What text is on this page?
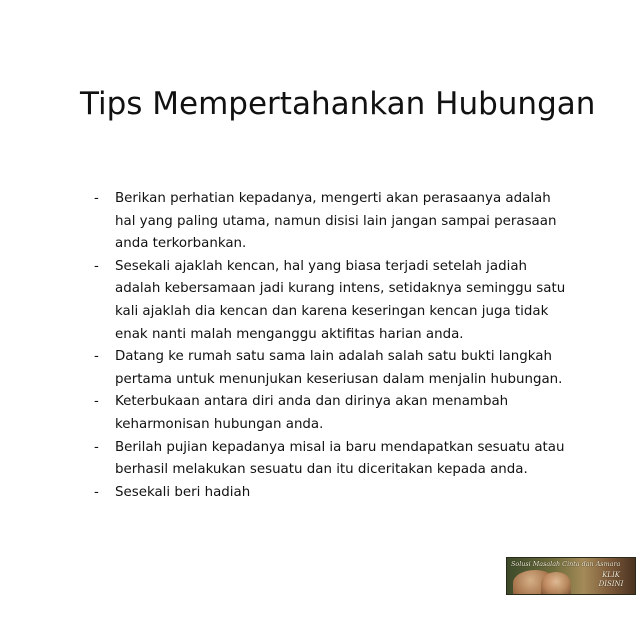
Tips Mempertahankan Hubungan
- Berikan perhatian kepadanya, mengerti akan perasaanya adalah hal yang paling utama, namun disisi lain jangan sampai perasaan anda terkorbankan.
- Sesekali ajaklah kencan, hal yang biasa terjadi setelah jadiah adalah kebersamaan jadi kurang intens, setidaknya seminggu satu kali ajaklah dia kencan dan karena keseringan kencan juga tidak enak nanti malah menganggu aktifitas harian anda.
- Datang ke rumah satu sama lain adalah salah satu bukti langkah pertama untuk menunjukan keseriusan dalam menjalin hubungan.
- Keterbukaan antara diri anda dan dirinya akan menambah keharmonisan hubungan anda.
- Berilah pujian kepadanya misal ia baru mendapatkan sesuatu atau berhasil melakukan sesuatu dan itu diceritakan kepada anda.
- Sesekali beri hadiah
Solusi Masalah Cinta dan Asmara
KLIK
DISINI
